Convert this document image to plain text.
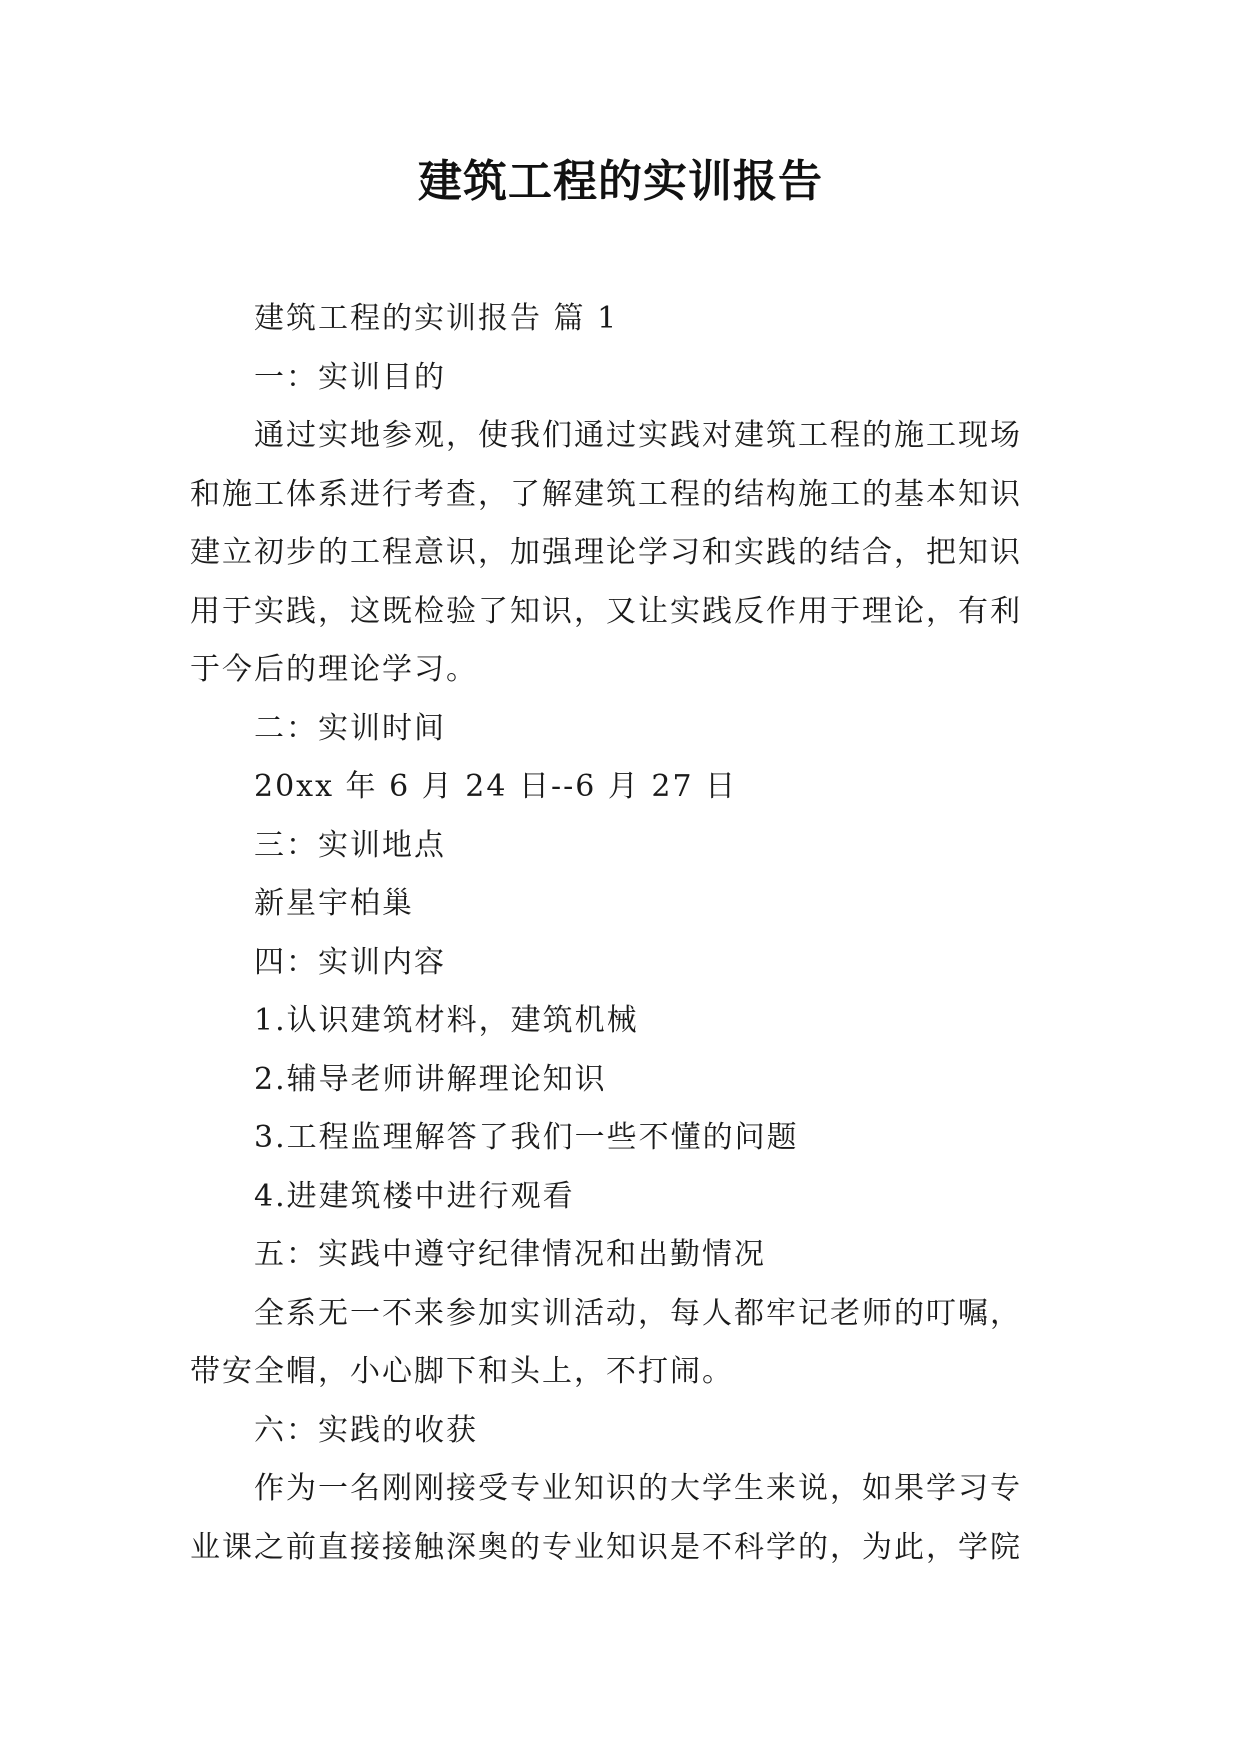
建筑工程的实训报告
建筑工程的实训报告 篇 1
一：实训目的
通过实地参观，使我们通过实践对建筑工程的施工现场
和施工体系进行考查，了解建筑工程的结构施工的基本知识
建立初步的工程意识，加强理论学习和实践的结合，把知识
用于实践，这既检验了知识，又让实践反作用于理论，有利
于今后的理论学习。
二：实训时间
20xx 年 6 月 24 日--6 月 27 日
三：实训地点
新星宇柏巢
四：实训内容
1.认识建筑材料，建筑机械
2.辅导老师讲解理论知识
3.工程监理解答了我们一些不懂的问题
4.进建筑楼中进行观看
五：实践中遵守纪律情况和出勤情况
全系无一不来参加实训活动，每人都牢记老师的叮嘱，
带安全帽，小心脚下和头上，不打闹。
六：实践的收获
作为一名刚刚接受专业知识的大学生来说，如果学习专
业课之前直接接触深奥的专业知识是不科学的，为此，学院
